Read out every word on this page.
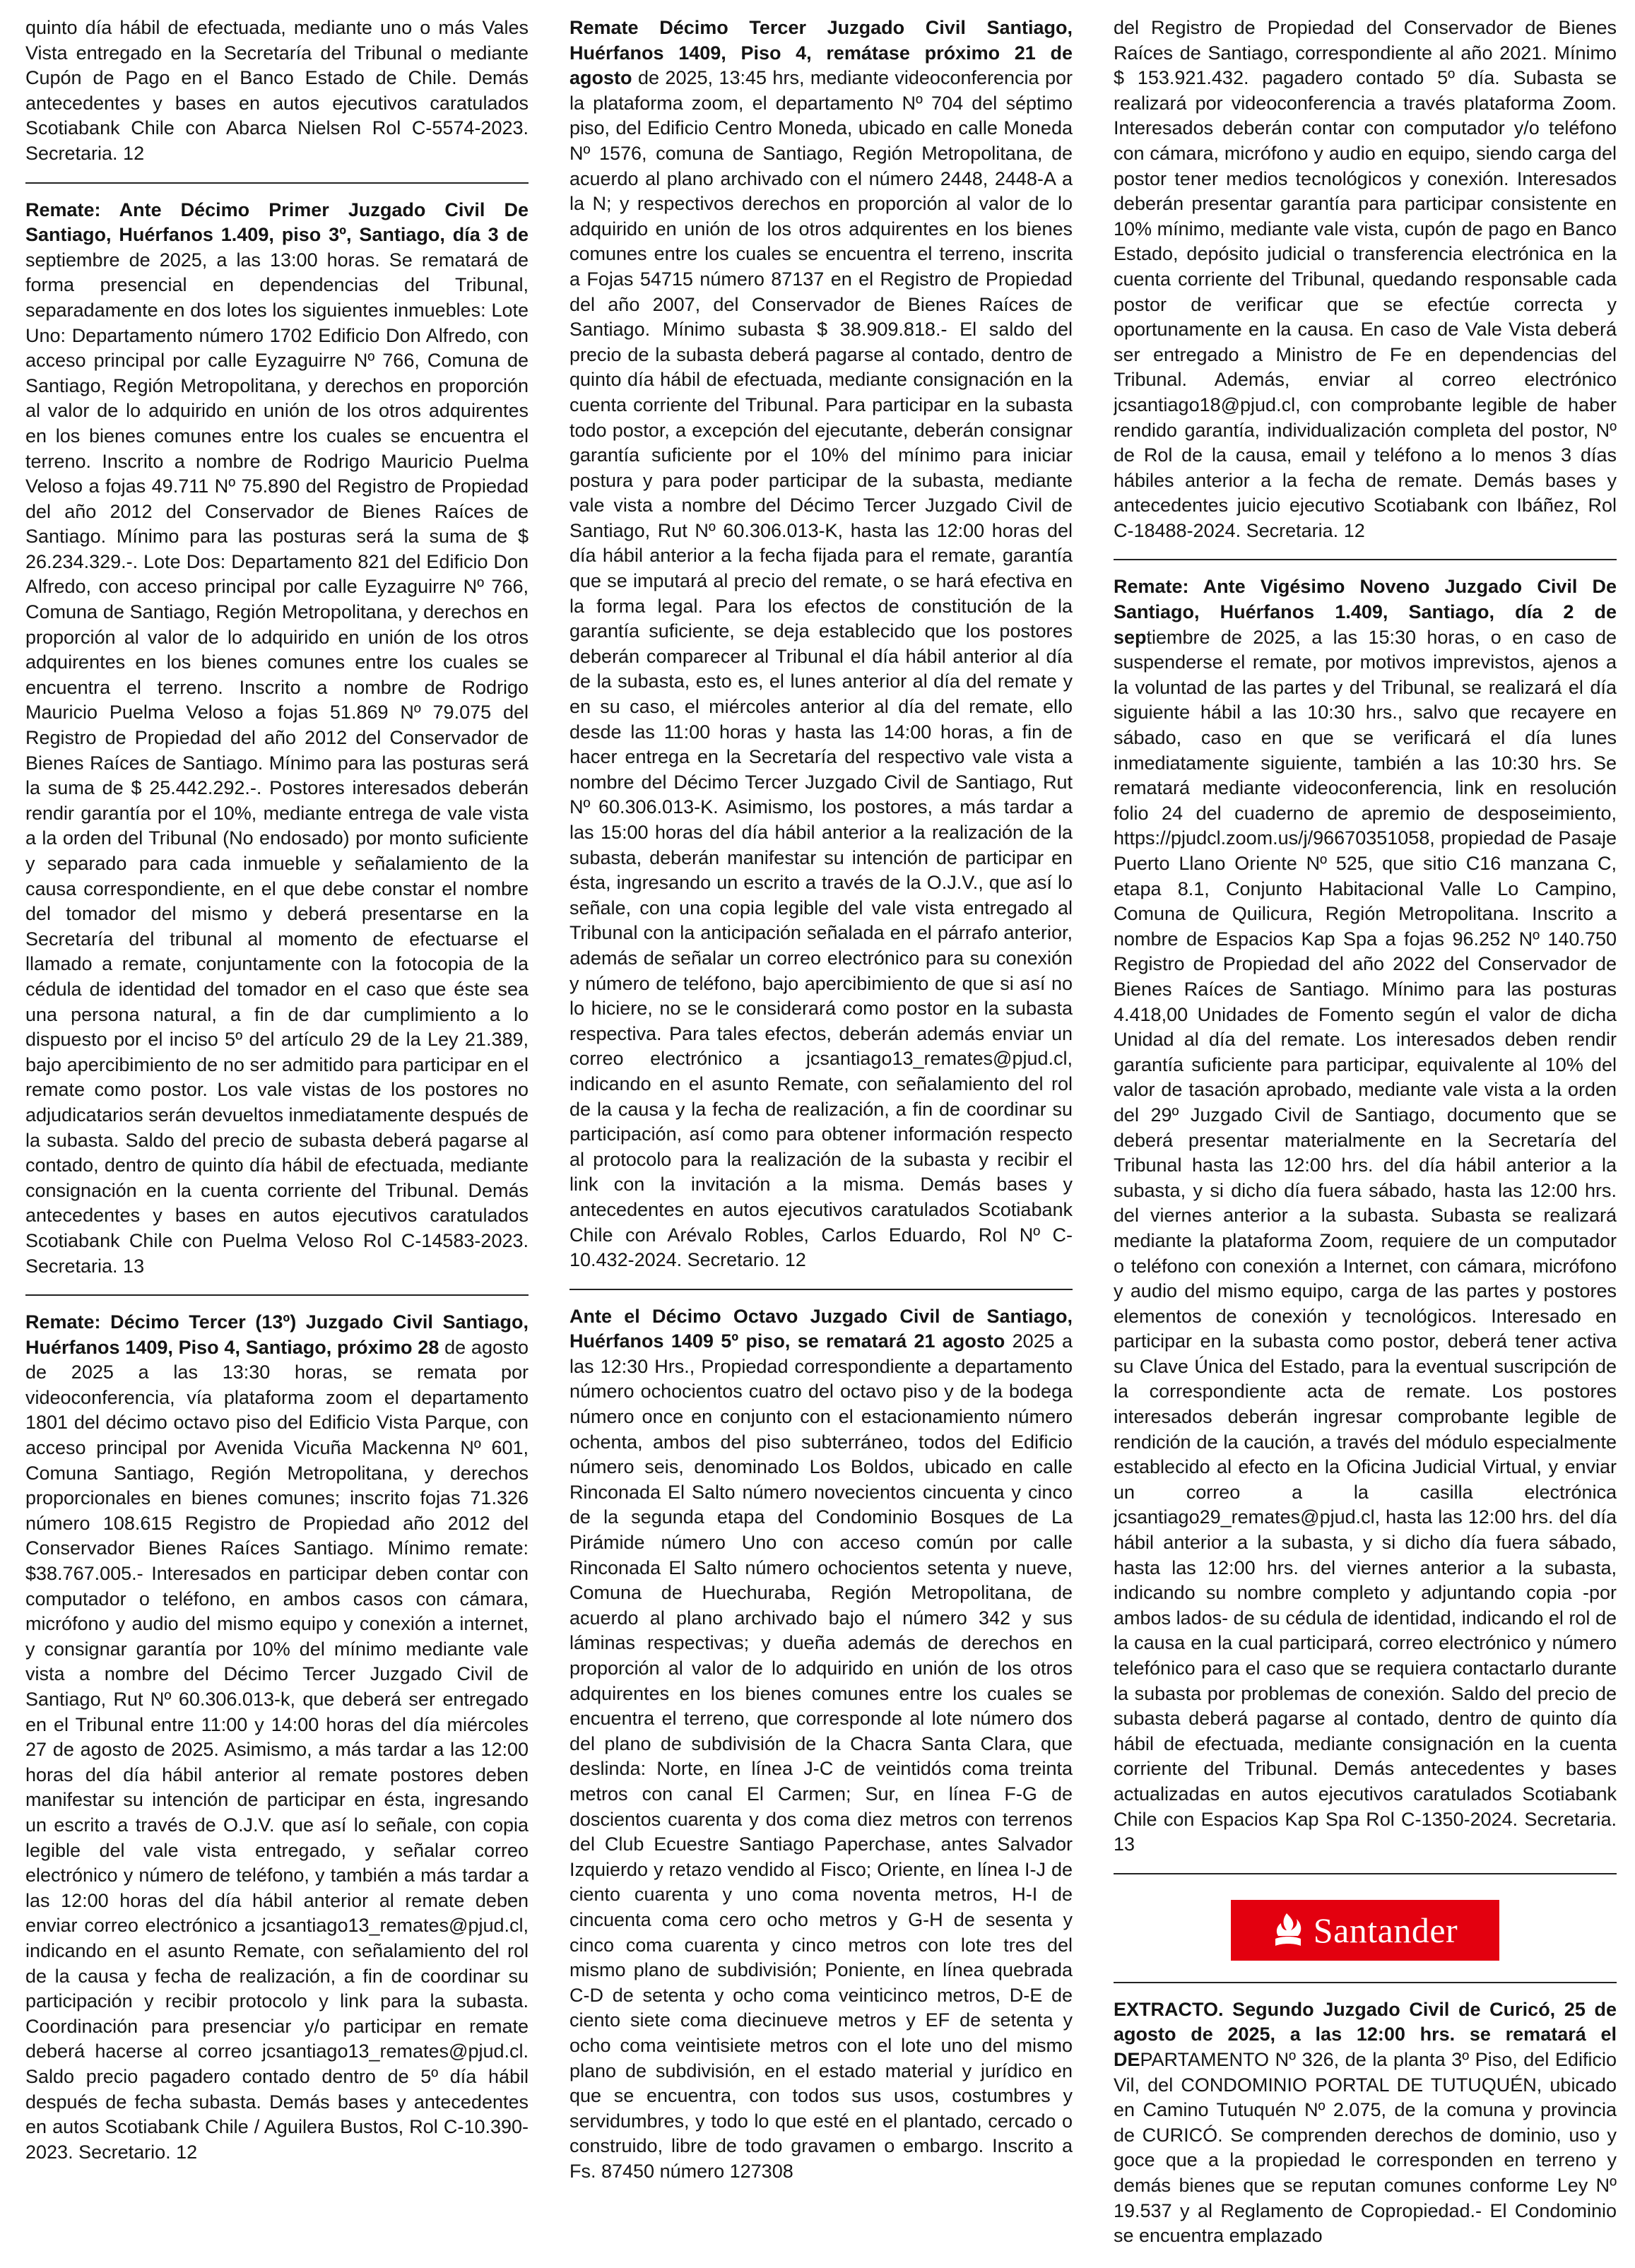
quinto día hábil de efectuada, mediante uno o más Vales Vista entregado en la Secretaría del Tribunal o mediante Cupón de Pago en el Banco Estado de Chile. Demás antecedentes y bases en autos ejecutivos caratulados Scotiabank Chile con Abarca Nielsen Rol C-5574-2023. Secretaria. 12

Remate: Ante Décimo Primer Juzgado Civil De Santiago, Huérfanos 1.409, piso 3º, Santiago, día 3 de septiembre de 2025, a las 13:00 horas. Se rematará de forma presencial en dependencias del Tribunal, separadamente en dos lotes los siguientes inmuebles: Lote Uno: Departamento número 1702 Edificio Don Alfredo, con acceso principal por calle Eyzaguirre Nº 766, Comuna de Santiago, Región Metropolitana, y derechos en proporción al valor de lo adquirido en unión de los otros adquirentes en los bienes comunes entre los cuales se encuentra el terreno. Inscrito a nombre de Rodrigo Mauricio Puelma Veloso a fojas 49.711 Nº 75.890 del Registro de Propiedad del año 2012 del Conservador de Bienes Raíces de Santiago. Mínimo para las posturas será la suma de $ 26.234.329.-. Lote Dos: Departamento 821 del Edificio Don Alfredo, con acceso principal por calle Eyzaguirre Nº 766, Comuna de Santiago, Región Metropolitana, y derechos en proporción al valor de lo adquirido en unión de los otros adquirentes en los bienes comunes entre los cuales se encuentra el terreno. Inscrito a nombre de Rodrigo Mauricio Puelma Veloso a fojas 51.869 Nº 79.075 del Registro de Propiedad del año 2012 del Conservador de Bienes Raíces de Santiago. Mínimo para las posturas será la suma de $ 25.442.292.-. Postores interesados deberán rendir garantía por el 10%, mediante entrega de vale vista a la orden del Tribunal (No endosado) por monto suficiente y separado para cada inmueble y señalamiento de la causa correspondiente, en el que debe constar el nombre del tomador del mismo y deberá presentarse en la Secretaría del tribunal al momento de efectuarse el llamado a remate, conjuntamente con la fotocopia de la cédula de identidad del tomador en el caso que éste sea una persona natural, a fin de dar cumplimiento a lo dispuesto por el inciso 5º del artículo 29 de la Ley 21.389, bajo apercibimiento de no ser admitido para participar en el remate como postor. Los vale vistas de los postores no adjudicatarios serán devueltos inmediatamente después de la subasta. Saldo del precio de subasta deberá pagarse al contado, dentro de quinto día hábil de efectuada, mediante consignación en la cuenta corriente del Tribunal. Demás antecedentes y bases en autos ejecutivos caratulados Scotiabank Chile con Puelma Veloso Rol C-14583-2023. Secretaria. 13

Remate: Décimo Tercer (13º) Juzgado Civil Santiago, Huérfanos 1409, Piso 4, Santiago, próximo 28 de agosto de 2025 a las 13:30 horas, se remata por videoconferencia, vía plataforma zoom el departamento 1801 del décimo octavo piso del Edificio Vista Parque, con acceso principal por Avenida Vicuña Mackenna Nº 601, Comuna Santiago, Región Metropolitana, y derechos proporcionales en bienes comunes; inscrito fojas 71.326 número 108.615 Registro de Propiedad año 2012 del Conservador Bienes Raíces Santiago. Mínimo remate: $38.767.005.- Interesados en participar deben contar con computador o teléfono, en ambos casos con cámara, micrófono y audio del mismo equipo y conexión a internet, y consignar garantía por 10% del mínimo mediante vale vista a nombre del Décimo Tercer Juzgado Civil de Santiago, Rut Nº 60.306.013-k, que deberá ser entregado en el Tribunal entre 11:00 y 14:00 horas del día miércoles 27 de agosto de 2025. Asimismo, a más tardar a las 12:00 horas del día hábil anterior al remate postores deben manifestar su intención de participar en ésta, ingresando un escrito a través de O.J.V. que así lo señale, con copia legible del vale vista entregado, y señalar correo electrónico y número de teléfono, y también a más tardar a las 12:00 horas del día hábil anterior al remate deben enviar correo electrónico a jcsantiago13_remates@pjud.cl, indicando en el asunto Remate, con señalamiento del rol de la causa y fecha de realización, a fin de coordinar su participación y recibir protocolo y link para la subasta. Coordinación para presenciar y/o participar en remate deberá hacerse al correo jcsantiago13_remates@pjud.cl. Saldo precio pagadero contado dentro de 5º día hábil después de fecha subasta. Demás bases y antecedentes en autos Scotiabank Chile / Aguilera Bustos, Rol C-10.390-2023. Secretario. 12

Remate Décimo Tercer Juzgado Civil Santiago, Huérfanos 1409, Piso 4, remátase próximo 21 de agosto de 2025, 13:45 hrs, mediante videoconferencia por la plataforma zoom, el departamento Nº 704 del séptimo piso, del Edificio Centro Moneda, ubicado en calle Moneda Nº 1576, comuna de Santiago, Región Metropolitana, de acuerdo al plano archivado con el número 2448, 2448-A a la N; y respectivos derechos en proporción al valor de lo adquirido en unión de los otros adquirentes en los bienes comunes entre los cuales se encuentra el terreno, inscrita a Fojas 54715 número 87137 en el Registro de Propiedad del año 2007, del Conservador de Bienes Raíces de Santiago. Mínimo subasta $ 38.909.818.- El saldo del precio de la subasta deberá pagarse al contado, dentro de quinto día hábil de efectuada, mediante consignación en la cuenta corriente del Tribunal. Para participar en la subasta todo postor, a excepción del ejecutante, deberán consignar garantía suficiente por el 10% del mínimo para iniciar postura y para poder participar de la subasta, mediante vale vista a nombre del Décimo Tercer Juzgado Civil de Santiago, Rut Nº 60.306.013-K, hasta las 12:00 horas del día hábil anterior a la fecha fijada para el remate, garantía que se imputará al precio del remate, o se hará efectiva en la forma legal. Para los efectos de constitución de la garantía suficiente, se deja establecido que los postores deberán comparecer al Tribunal el día hábil anterior al día de la subasta, esto es, el lunes anterior al día del remate y en su caso, el miércoles anterior al día del remate, ello desde las 11:00 horas y hasta las 14:00 horas, a fin de hacer entrega en la Secretaría del respectivo vale vista a nombre del Décimo Tercer Juzgado Civil de Santiago, Rut Nº 60.306.013-K. Asimismo, los postores, a más tardar a las 15:00 horas del día hábil anterior a la realización de la subasta, deberán manifestar su intención de participar en ésta, ingresando un escrito a través de la O.J.V., que así lo señale, con una copia legible del vale vista entregado al Tribunal con la anticipación señalada en el párrafo anterior, además de señalar un correo electrónico para su conexión y número de teléfono, bajo apercibimiento de que si así no lo hiciere, no se le considerará como postor en la subasta respectiva. Para tales efectos, deberán además enviar un correo electrónico a jcsantiago13_remates@pjud.cl, indicando en el asunto Remate, con señalamiento del rol de la causa y la fecha de realización, a fin de coordinar su participación, así como para obtener información respecto al protocolo para la realización de la subasta y recibir el link con la invitación a la misma. Demás bases y antecedentes en autos ejecutivos caratulados Scotiabank Chile con Arévalo Robles, Carlos Eduardo, Rol Nº C-10.432-2024. Secretario. 12

Ante el Décimo Octavo Juzgado Civil de Santiago, Huérfanos 1409 5º piso, se rematará 21 agosto 2025 a las 12:30 Hrs., Propiedad correspondiente a departamento número ochocientos cuatro del octavo piso y de la bodega número once en conjunto con el estacionamiento número ochenta, ambos del piso subterráneo, todos del Edificio número seis, denominado Los Boldos, ubicado en calle Rinconada El Salto número novecientos cincuenta y cinco de la segunda etapa del Condominio Bosques de La Pirámide número Uno con acceso común por calle Rinconada El Salto número ochocientos setenta y nueve, Comuna de Huechuraba, Región Metropolitana, de acuerdo al plano archivado bajo el número 342 y sus láminas respectivas; y dueña además de derechos en proporción al valor de lo adquirido en unión de los otros adquirentes en los bienes comunes entre los cuales se encuentra el terreno, que corresponde al lote número dos del plano de subdivisión de la Chacra Santa Clara, que deslinda: Norte, en línea J-C de veintidós coma treinta metros con canal El Carmen; Sur, en línea F-G de doscientos cuarenta y dos coma diez metros con terrenos del Club Ecuestre Santiago Paperchase, antes Salvador Izquierdo y retazo vendido al Fisco; Oriente, en línea I-J de ciento cuarenta y uno coma noventa metros, H-I de cincuenta coma cero ocho metros y G-H de sesenta y cinco coma cuarenta y cinco metros con lote tres del mismo plano de subdivisión; Poniente, en línea quebrada C-D de setenta y ocho coma veinticinco metros, D-E de ciento siete coma diecinueve metros y EF de setenta y ocho coma veintisiete metros con el lote uno del mismo plano de subdivisión, en el estado material y jurídico en que se encuentra, con todos sus usos, costumbres y servidumbres, y todo lo que esté en el plantado, cercado o construido, libre de todo gravamen o embargo. Inscrito a Fs. 87450 número 127308

del Registro de Propiedad del Conservador de Bienes Raíces de Santiago, correspondiente al año 2021. Mínimo $ 153.921.432. pagadero contado 5º día. Subasta se realizará por videoconferencia a través plataforma Zoom. Interesados deberán contar con computador y/o teléfono con cámara, micrófono y audio en equipo, siendo carga del postor tener medios tecnológicos y conexión. Interesados deberán presentar garantía para participar consistente en 10% mínimo, mediante vale vista, cupón de pago en Banco Estado, depósito judicial o transferencia electrónica en la cuenta corriente del Tribunal, quedando responsable cada postor de verificar que se efectúe correcta y oportunamente en la causa. En caso de Vale Vista deberá ser entregado a Ministro de Fe en dependencias del Tribunal. Además, enviar al correo electrónico jcsantiago18@pjud.cl, con comprobante legible de haber rendido garantía, individualización completa del postor, Nº de Rol de la causa, email y teléfono a lo menos 3 días hábiles anterior a la fecha de remate. Demás bases y antecedentes juicio ejecutivo Scotiabank con Ibáñez, Rol C-18488-2024. Secretaria. 12

Remate: Ante Vigésimo Noveno Juzgado Civil De Santiago, Huérfanos 1.409, Santiago, día 2 de septiembre de 2025, a las 15:30 horas, o en caso de suspenderse el remate, por motivos imprevistos, ajenos a la voluntad de las partes y del Tribunal, se realizará el día siguiente hábil a las 10:30 hrs., salvo que recayere en sábado, caso en que se verificará el día lunes inmediatamente siguiente, también a las 10:30 hrs. Se rematará mediante videoconferencia, link en resolución folio 24 del cuaderno de apremio de desposeimiento, https://pjudcl.zoom.us/j/96670351058, propiedad de Pasaje Puerto Llano Oriente Nº 525, que sitio C16 manzana C, etapa 8.1, Conjunto Habitacional Valle Lo Campino, Comuna de Quilicura, Región Metropolitana. Inscrito a nombre de Espacios Kap Spa a fojas 96.252 Nº 140.750 Registro de Propiedad del año 2022 del Conservador de Bienes Raíces de Santiago. Mínimo para las posturas 4.418,00 Unidades de Fomento según el valor de dicha Unidad al día del remate. Los interesados deben rendir garantía suficiente para participar, equivalente al 10% del valor de tasación aprobado, mediante vale vista a la orden del 29º Juzgado Civil de Santiago, documento que se deberá presentar materialmente en la Secretaría del Tribunal hasta las 12:00 hrs. del día hábil anterior a la subasta, y si dicho día fuera sábado, hasta las 12:00 hrs. del viernes anterior a la subasta. Subasta se realizará mediante la plataforma Zoom, requiere de un computador o teléfono con conexión a Internet, con cámara, micrófono y audio del mismo equipo, carga de las partes y postores elementos de conexión y tecnológicos. Interesado en participar en la subasta como postor, deberá tener activa su Clave Única del Estado, para la eventual suscripción de la correspondiente acta de remate. Los postores interesados deberán ingresar comprobante legible de rendición de la caución, a través del módulo especialmente establecido al efecto en la Oficina Judicial Virtual, y enviar un correo a la casilla electrónica jcsantiago29_remates@pjud.cl, hasta las 12:00 hrs. del día hábil anterior a la subasta, y si dicho día fuera sábado, hasta las 12:00 hrs. del viernes anterior a la subasta, indicando su nombre completo y adjuntando copia -por ambos lados- de su cédula de identidad, indicando el rol de la causa en la cual participará, correo electrónico y número telefónico para el caso que se requiera contactarlo durante la subasta por problemas de conexión. Saldo del precio de subasta deberá pagarse al contado, dentro de quinto día hábil de efectuada, mediante consignación en la cuenta corriente del Tribunal. Demás antecedentes y bases actualizadas en autos ejecutivos caratulados Scotiabank Chile con Espacios Kap Spa Rol C-1350-2024. Secretaria. 13

Santander

EXTRACTO. Segundo Juzgado Civil de Curicó, 25 de agosto de 2025, a las 12:00 hrs. se rematará el DEPARTAMENTO Nº 326, de la planta 3º Piso, del Edificio Vil, del CONDOMINIO PORTAL DE TUTUQUÉN, ubicado en Camino Tutuquén Nº 2.075, de la comuna y provincia de CURICÓ. Se comprenden derechos de dominio, uso y goce que a la propiedad le corresponden en terreno y demás bienes que se reputan comunes conforme Ley Nº 19.537 y al Reglamento de Copropiedad.- El Condominio se encuentra emplazado
